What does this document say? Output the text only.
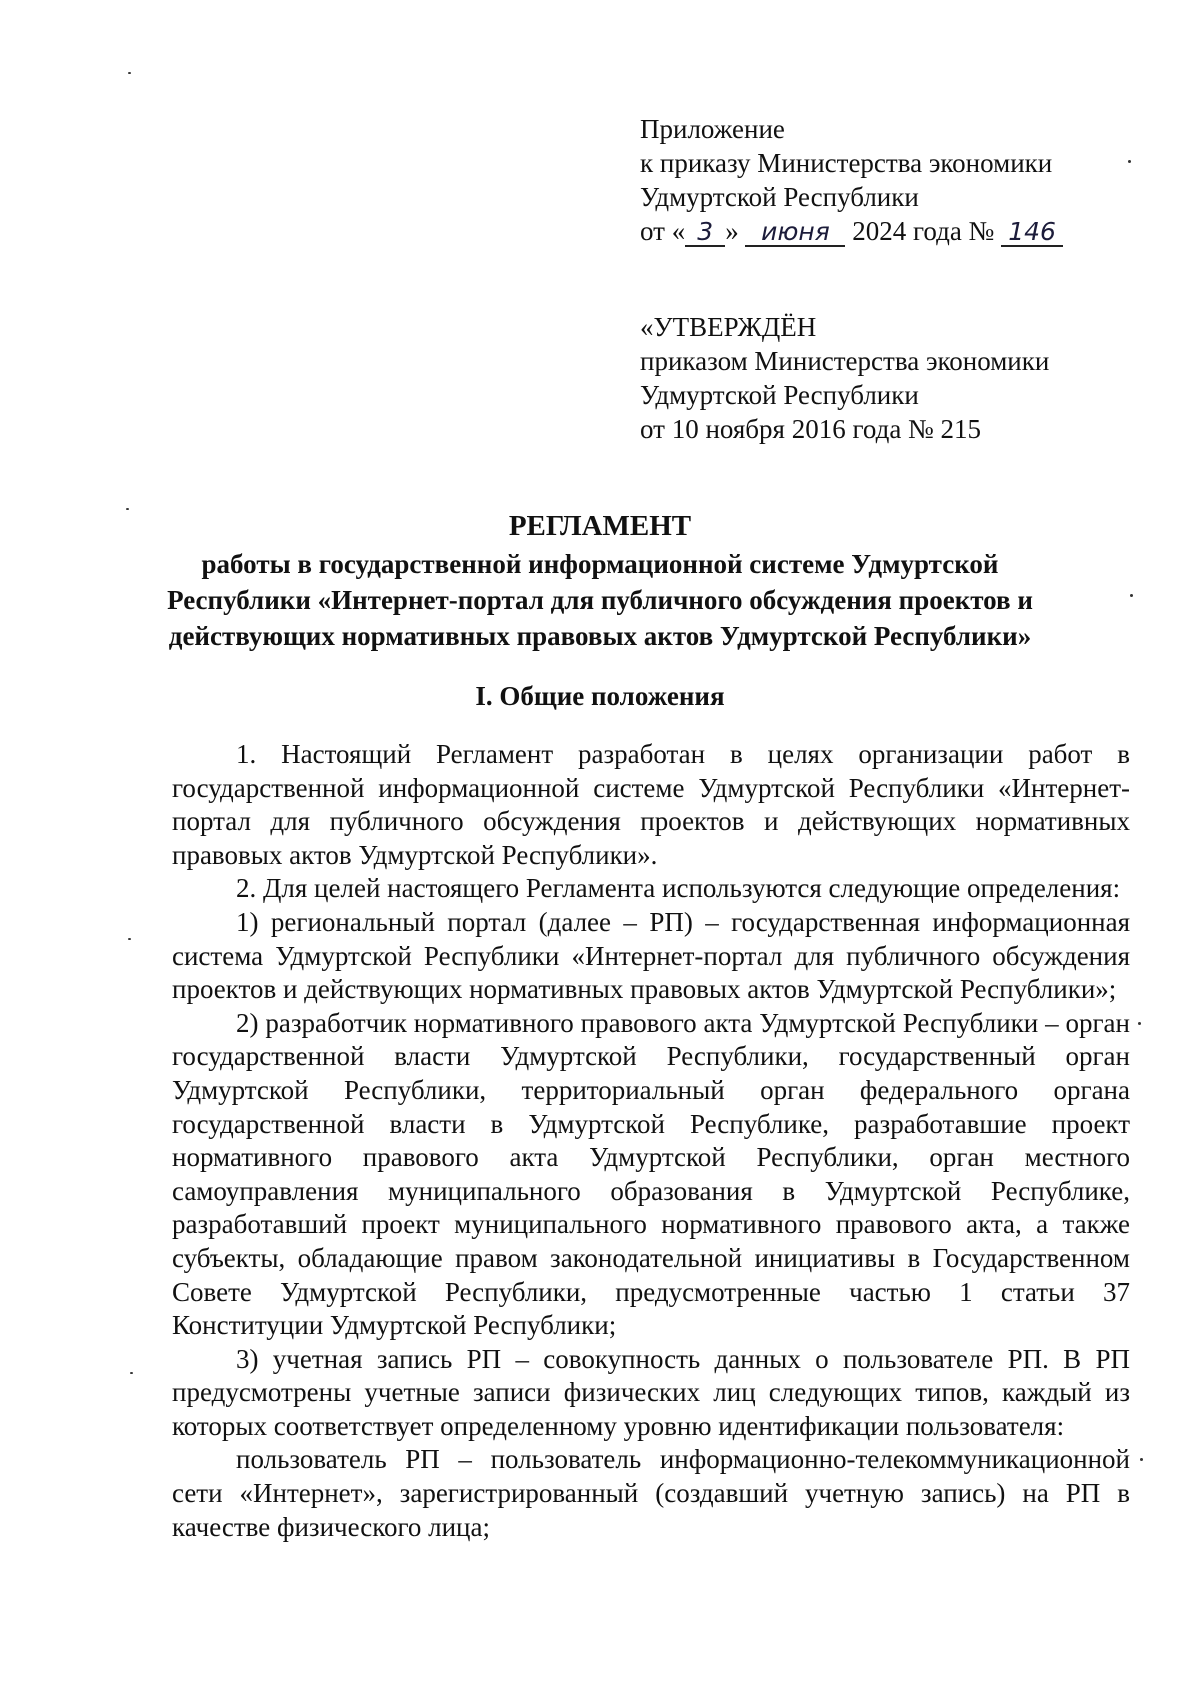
Приложение
к приказу Министерства экономики
Удмуртской Республики
от « 3 » июня 2024 года № 146
«УТВЕРЖДЁН
приказом Министерства экономики
Удмуртской Республики
от 10 ноября 2016 года № 215
РЕГЛАМЕНТ
работы в государственной информационной системе Удмуртской
Республики «Интернет-портал для публичного обсуждения проектов и
действующих нормативных правовых актов Удмуртской Республики»
I. Общие положения

1. Настоящий Регламент разработан в целях организации работ в государственной информационной системе Удмуртской Республики «Интернет-портал для публичного обсуждения проектов и действующих нормативных правовых актов Удмуртской Республики».

2. Для целей настоящего Регламента используются следующие определения:

1) региональный портал (далее – РП) – государственная информационная система Удмуртской Республики «Интернет-портал для публичного обсуждения проектов и действующих нормативных правовых актов Удмуртской Республики»;

2) разработчик нормативного правового акта Удмуртской Республики – орган государственной власти Удмуртской Республики, государственный орган Удмуртской Республики, территориальный орган федерального органа государственной власти в Удмуртской Республике, разработавшие проект нормативного правового акта Удмуртской Республики, орган местного самоуправления муниципального образования в Удмуртской Республике, разработавший проект муниципального нормативного правового акта, а также субъекты, обладающие правом законодательной инициативы в Государственном Совете Удмуртской Республики, предусмотренные частью 1 статьи 37 Конституции Удмуртской Республики;

3) учетная запись РП – совокупность данных о пользователе РП. В РП предусмотрены учетные записи физических лиц следующих типов, каждый из которых соответствует определенному уровню идентификации пользователя:

пользователь РП – пользователь информационно-телекоммуникационной сети «Интернет», зарегистрированный (создавший учетную запись) на РП в качестве физического лица;
